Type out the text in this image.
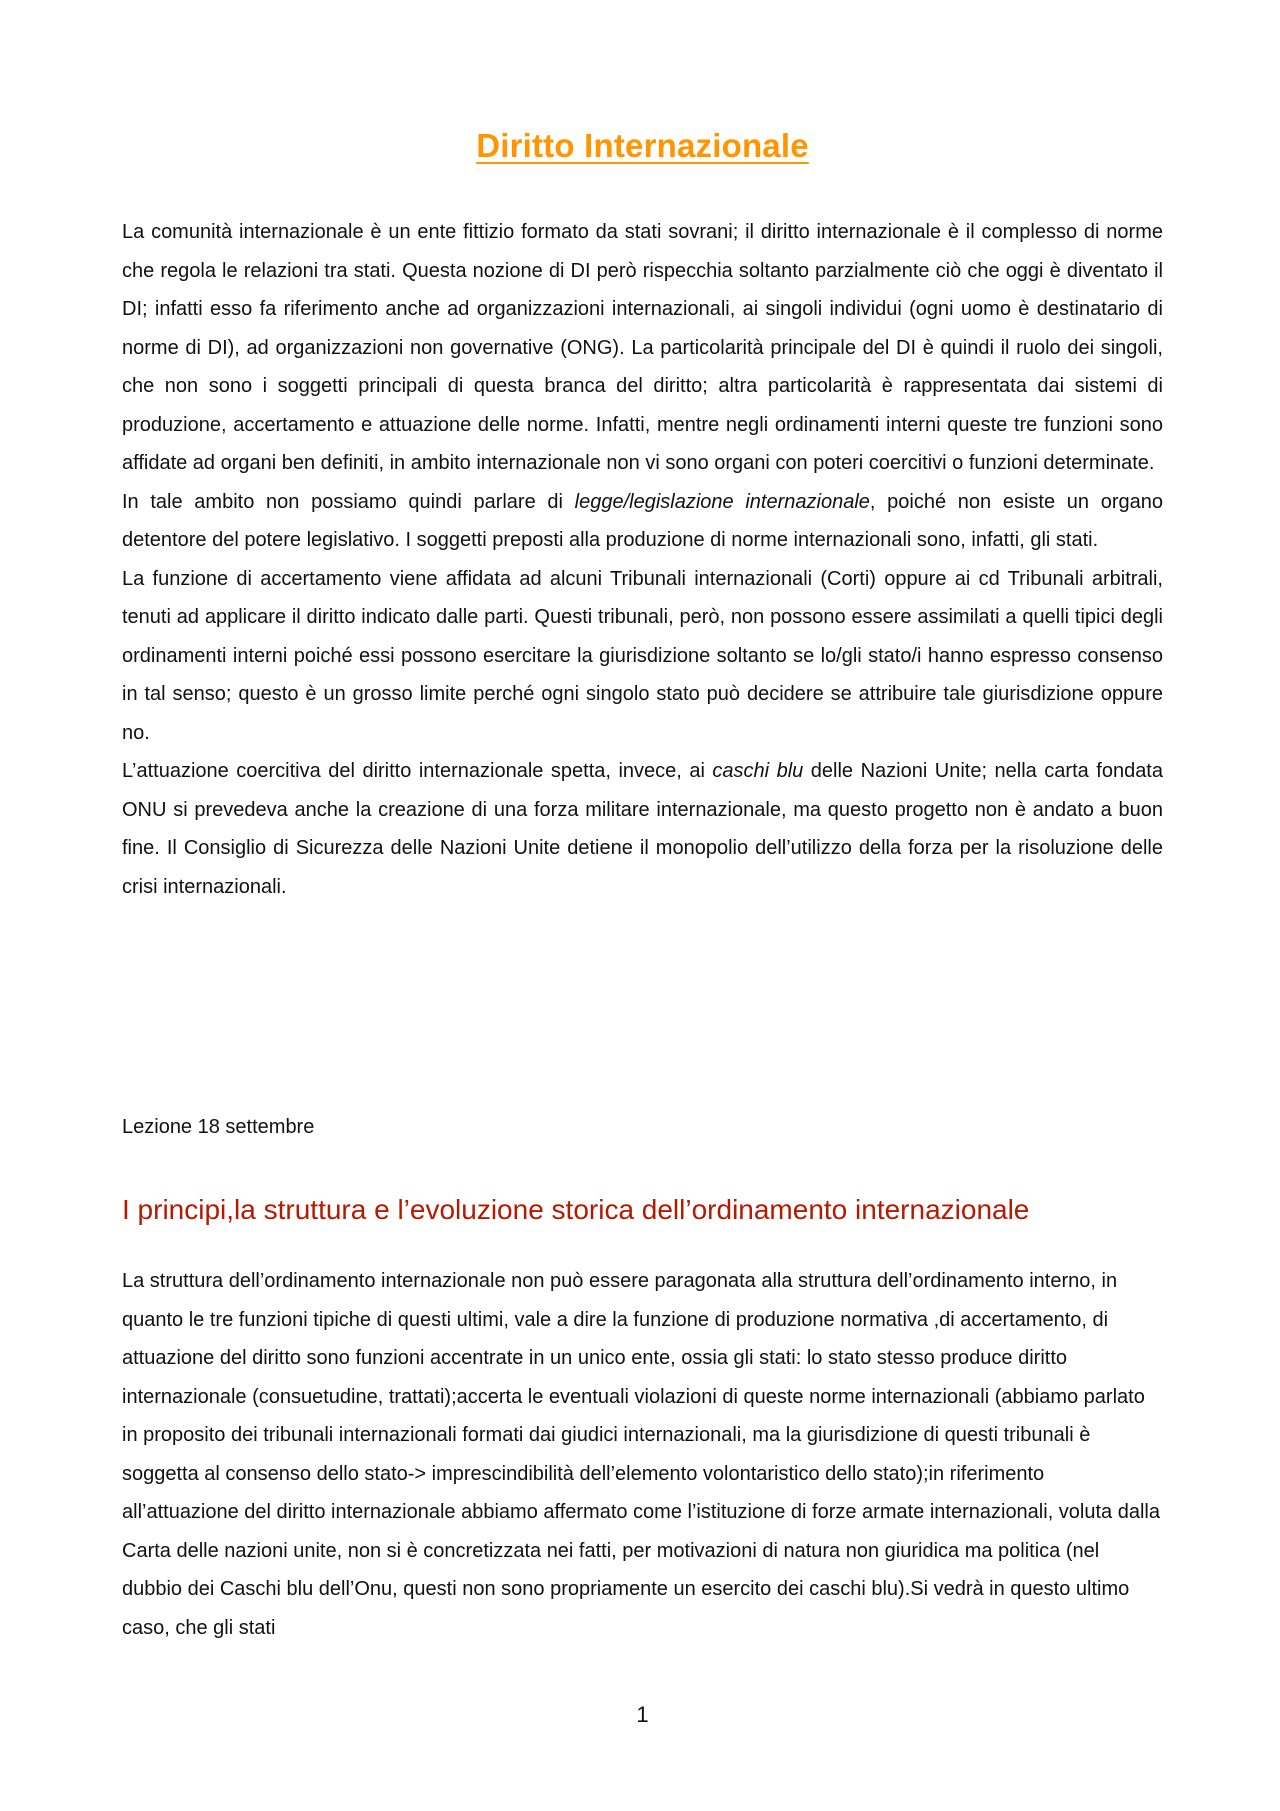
Diritto Internazionale

La comunità internazionale è un ente fittizio formato da stati sovrani; il diritto internazionale è il complesso di norme che regola le relazioni tra stati. Questa nozione di DI però rispecchia soltanto parzialmente ciò che oggi è diventato il DI; infatti esso fa riferimento anche ad organizzazioni internazionali, ai singoli individui (ogni uomo è destinatario di norme di DI), ad organizzazioni non governative (ONG). La particolarità principale del DI è quindi il ruolo dei singoli, che non sono i soggetti principali di questa branca del diritto; altra particolarità è rappresentata dai sistemi di produzione, accertamento e attuazione delle norme. Infatti, mentre negli ordinamenti interni queste tre funzioni sono affidate ad organi ben definiti, in ambito internazionale non vi sono organi con poteri coercitivi o funzioni determinate.

In tale ambito non possiamo quindi parlare di legge/legislazione internazionale, poiché non esiste un organo detentore del potere legislativo. I soggetti preposti alla produzione di norme internazionali sono, infatti, gli stati.

La funzione di accertamento viene affidata ad alcuni Tribunali internazionali (Corti) oppure ai cd Tribunali arbitrali, tenuti ad applicare il diritto indicato dalle parti. Questi tribunali, però, non possono essere assimilati a quelli tipici degli ordinamenti interni poiché essi possono esercitare la giurisdizione soltanto se lo/gli stato/i hanno espresso consenso in tal senso; questo è un grosso limite perché ogni singolo stato può decidere se attribuire tale giurisdizione oppure no.

L’attuazione coercitiva del diritto internazionale spetta, invece, ai caschi blu delle Nazioni Unite; nella carta fondata ONU si prevedeva anche la creazione di una forza militare internazionale, ma questo progetto non è andato a buon fine. Il Consiglio di Sicurezza delle Nazioni Unite detiene il monopolio dell’utilizzo della forza per la risoluzione delle crisi internazionali.

Lezione 18 settembre
I principi,la struttura e l’evoluzione storica dell’ordinamento internazionale

La struttura dell’ordinamento internazionale non può essere paragonata alla struttura dell’ordinamento interno, in quanto le tre funzioni tipiche di questi ultimi, vale a dire la funzione di produzione normativa ,di accertamento, di attuazione del diritto sono funzioni accentrate in un unico ente, ossia gli stati: lo stato stesso produce diritto internazionale (consuetudine, trattati);accerta le eventuali violazioni di queste norme internazionali (abbiamo parlato in proposito dei tribunali internazionali formati dai giudici internazionali, ma la giurisdizione di questi tribunali è soggetta al consenso dello stato-> imprescindibilità dell’elemento volontaristico dello stato);in riferimento all’attuazione del diritto internazionale abbiamo affermato come l’istituzione di forze armate internazionali, voluta dalla Carta delle nazioni unite, non si è concretizzata nei fatti, per motivazioni di natura non giuridica ma politica (nel dubbio dei Caschi blu dell’Onu, questi non sono propriamente un esercito dei caschi blu).Si vedrà in questo ultimo caso, che gli stati

1
